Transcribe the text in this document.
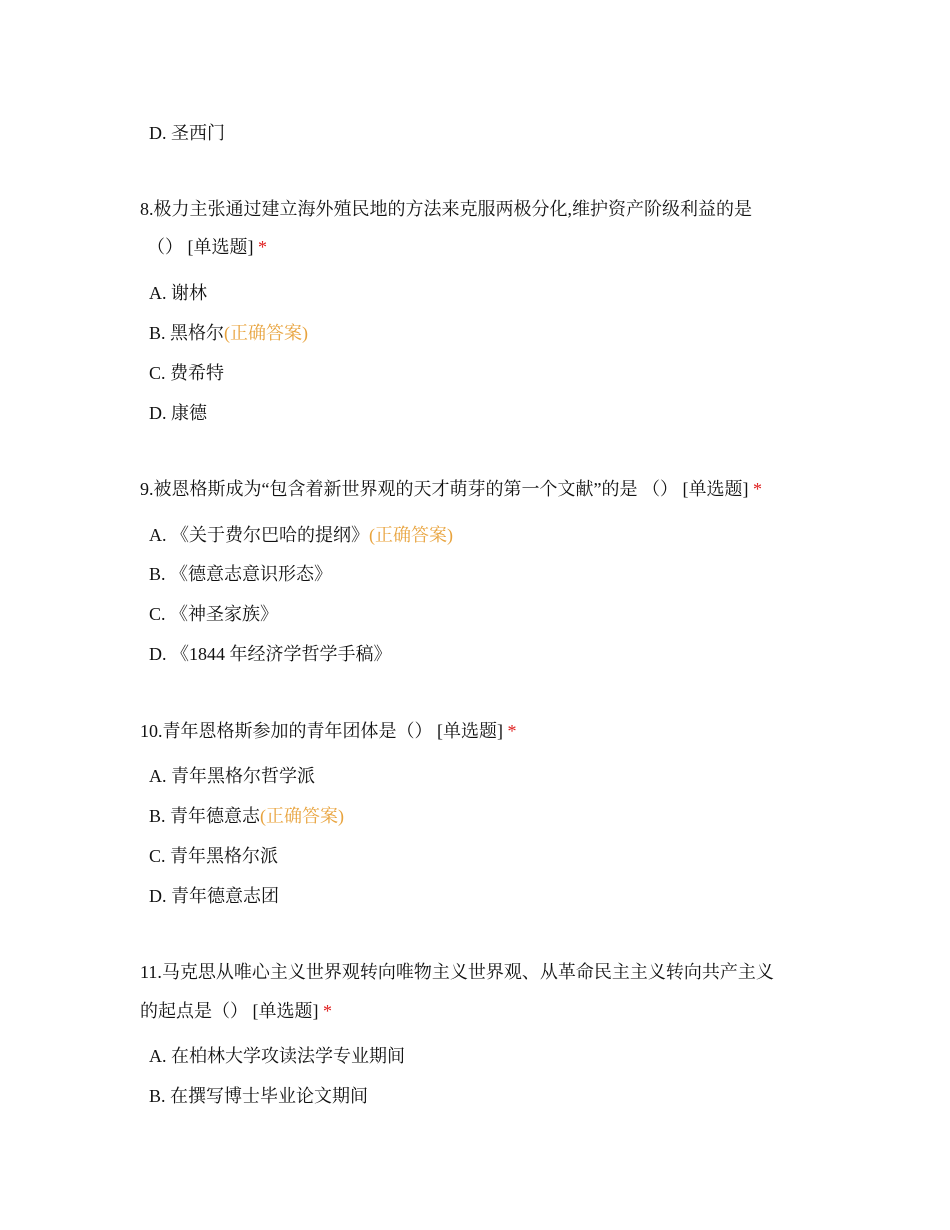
D. 圣西门
8.极力主张通过建立海外殖民地的方法来克服两极分化,维护资产阶级利益的是
（） [单选题] *
A. 谢林
B. 黑格尔(正确答案)
C. 费希特
D. 康德
9.被恩格斯成为“包含着新世界观的天才萌芽的第一个文献”的是 （） [单选题] *
A. 《关于费尔巴哈的提纲》(正确答案)
B. 《德意志意识形态》
C. 《神圣家族》
D. 《1844 年经济学哲学手稿》
10.青年恩格斯参加的青年团体是（） [单选题] *
A. 青年黑格尔哲学派
B. 青年德意志(正确答案)
C. 青年黑格尔派
D. 青年德意志团
11.马克思从唯心主义世界观转向唯物主义世界观、从革命民主主义转向共产主义
的起点是（） [单选题] *
A. 在柏林大学攻读法学专业期间
B. 在撰写博士毕业论文期间
